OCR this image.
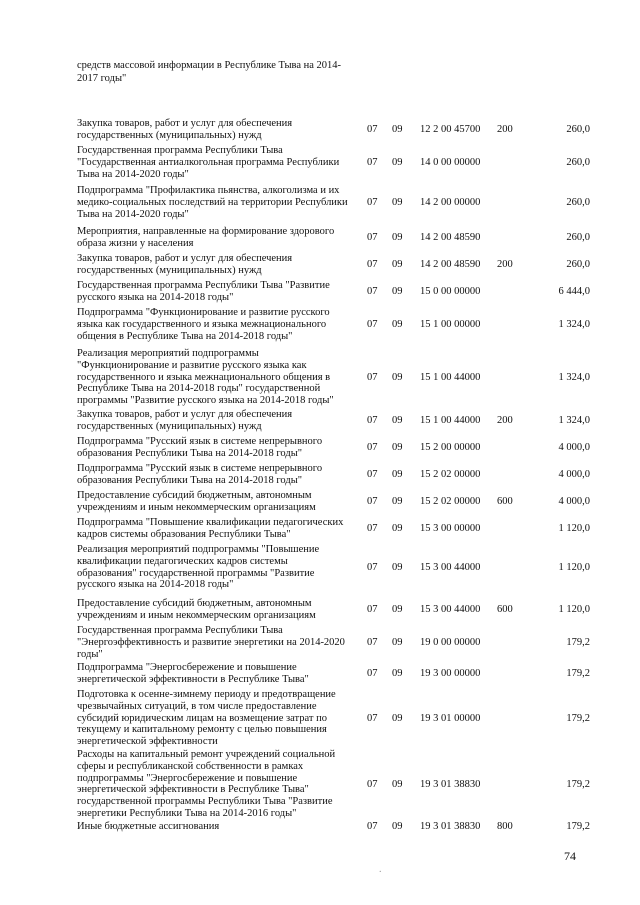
средств массовой информации в Республике Тыва на 2014-
2017 годы"
Закупка товаров, работ и услуг для обеспечения
государственных (муниципальных) нужд
07 09 12 2 00 45700 200	260,0
Государственная программа Республики Тыва
"Государственная антиалкогольная программа Республики
Тыва на 2014-2020 годы"
07 09 14 0 00 00000	260,0
Подпрограмма "Профилактика пьянства, алкоголизма и их
медико-социальных последствий на территории Республики
Тыва на 2014-2020 годы"
07 09 14 2 00 00000	260,0
Мероприятия, направленные на формирование здорового
образа жизни у населения
07 09 14 2 00 48590	260,0
Закупка товаров, работ и услуг для обеспечения
государственных (муниципальных) нужд
07 09 14 2 00 48590 200	260,0
Государственная программа Республики Тыва "Развитие
русского языка на 2014-2018 годы"
07 09 15 0 00 00000	6 444,0
Подпрограмма "Функционирование и развитие русского
языка как государственного и языка межнационального
общения в Республике Тыва на 2014-2018 годы"
07 09 15 1 00 00000	1 324,0
Реализация мероприятий подпрограммы
"Функционирование и развитие русского языка как
государственного и языка межнационального общения в
Республике Тыва на 2014-2018 годы" государственной
программы "Развитие русского языка на 2014-2018 годы"
07 09 15 1 00 44000	1 324,0
Закупка товаров, работ и услуг для обеспечения
государственных (муниципальных) нужд
07 09 15 1 00 44000 200	1 324,0
Подпрограмма "Русский язык в системе непрерывного
образования Республики Тыва на 2014-2018 годы"
07 09 15 2 00 00000	4 000,0
Подпрограмма "Русский язык в системе непрерывного
образования Республики Тыва на 2014-2018 годы"
07 09 15 2 02 00000	4 000,0
Предоставление субсидий бюджетным, автономным
учреждениям и иным некоммерческим организациям
07 09 15 2 02 00000 600	4 000,0
Подпрограмма "Повышение квалификации педагогических
кадров системы образования Республики Тыва"
07 09 15 3 00 00000	1 120,0
Реализация мероприятий подпрограммы "Повышение
квалификации педагогических кадров системы
образования" государственной программы "Развитие
русского языка на 2014-2018 годы"
07 09 15 3 00 44000	1 120,0
Предоставление субсидий бюджетным, автономным
учреждениям и иным некоммерческим организациям
07 09 15 3 00 44000 600	1 120,0
Государственная программа Республики Тыва
"Энергоэффективность и развитие энергетики на 2014-2020
годы"
07 09 19 0 00 00000	179,2
Подпрограмма "Энергосбережение и повышение
энергетической эффективности в Республике Тыва"
07 09 19 3 00 00000	179,2
Подготовка к осенне-зимнему периоду и предотвращение
чрезвычайных ситуаций, в том числе предоставление
субсидий юридическим лицам на возмещение затрат по
текущему и капитальному ремонту с целью повышения
энергетической эффективности
07 09 19 3 01 00000	179,2
Расходы на капитальный ремонт учреждений социальной
сферы и республиканской собственности в рамках
подпрограммы "Энергосбережение и повышение
энергетической эффективности в Республике Тыва"
государственной программы Республики Тыва "Развитие
энергетики Республики Тыва на 2014-2016 годы"
07 09 19 3 01 38830	179,2
Иные бюджетные ассигнования	07 09 19 3 01 38830 800	179,2
.
74
